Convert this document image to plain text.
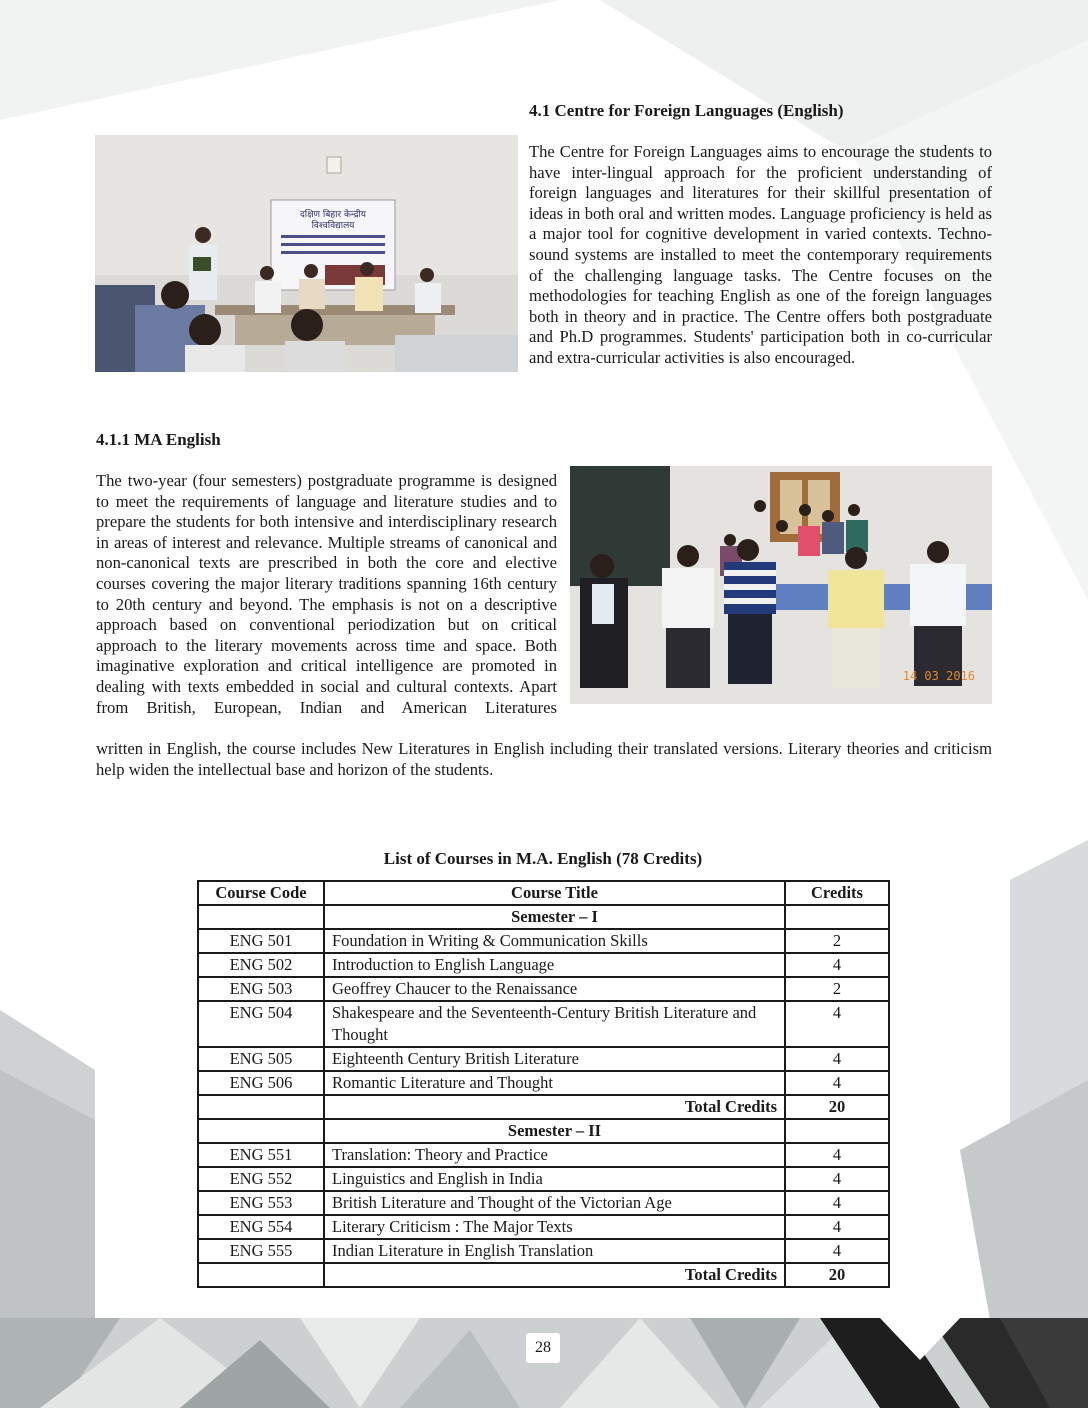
दक्षिण बिहार केन्द्रीय
विश्वविद्यालय
4.1 Centre for Foreign Languages (English)

The Centre for Foreign Languages aims to encourage the students to have inter-lingual approach for the proficient understanding of foreign languages and literatures for their skillful presentation of ideas in both oral and written modes. Language proficiency is held as a major tool for cognitive development in varied contexts. Techno-sound systems are installed to meet the contemporary requirements of the challenging language tasks. The Centre focuses on the methodologies for teaching English as one of the foreign languages both in theory and in practice. The Centre offers both postgraduate and Ph.D programmes. Students' participation both in co-curricular and extra-curricular activities is also encouraged.

4.1.1 MA English
14 03 2016

The two-year (four semesters) postgraduate programme is designed to meet the requirements of language and literature studies and to prepare the students for both intensive and interdisciplinary research in areas of interest and relevance. Multiple streams of canonical and non-canonical texts are prescribed in both the core and elective courses covering the major literary traditions spanning 16th century to 20th century and beyond. The emphasis is not on a descriptive approach based on conventional periodization but on critical approach to the literary movements across time and space. Both imaginative exploration and critical intelligence are promoted in dealing with texts embedded in social and cultural contexts. Apart from British, European, Indian and American Literatures

written in English, the course includes New Literatures in English including their translated versions. Literary theories and criticism help widen the intellectual base and horizon of the students.

List of Courses in M.A. English (78 Credits)
Course Code	Course Title	Credits
	Semester – I	
ENG 501	Foundation in Writing & Communication Skills	2
ENG 502	Introduction to English Language	4
ENG 503	Geoffrey Chaucer to the Renaissance	2
ENG 504	Shakespeare and the Seventeenth-Century British Literature and Thought	4
ENG 505	Eighteenth Century British Literature	4
ENG 506	Romantic Literature and Thought	4
	Total Credits	20
	Semester – II	
ENG 551	Translation: Theory and Practice	4
ENG 552	Linguistics and English in India	4
ENG 553	British Literature and Thought of the Victorian Age	4
ENG 554	Literary Criticism : The Major Texts	4
ENG 555	Indian Literature in English Translation	4
	Total Credits	20
28
